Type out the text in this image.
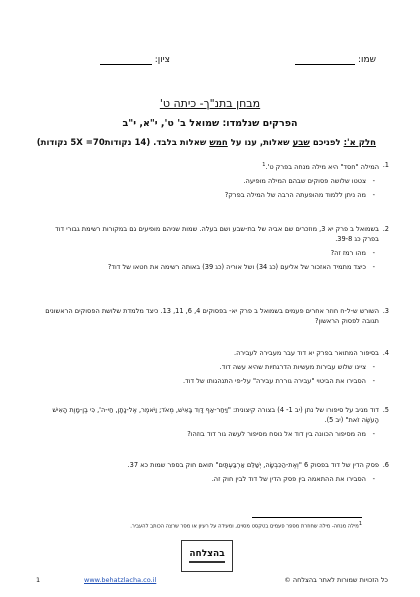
שמו:
ציון:
מבחן בתנ"ך- כיתה ט'
הפרקים שנלמדו: שמואל ב' ט', י"א, י"ב
חלק א': לפניכם שבע שאלות, ענו על חמש שאלות בלבד. (14 נקודות5X =70 נקודות)
1.

המילה "חסד" היא מילה מנחה בפרק ט'.$^1$

- צטטו שלושה פסוקים שבהם המילה מופיעה.
- מה ניתן ללמוד מהופעתה הרבה של המילה בפרק?
2.

בשמואל ב פרק יא 3, מוזכרים שם אביה של בת-שבע ושם בעלה. שמות שניהם מופיעים גם במקורות רשימת גבורי דוד בפרק כג 39-8.

- מהו רמז זה?
- כיצד מתמיד האזכור של אליעם (כג 34) ושל אוריה (כג 39) באותה רשימה את חטאו של דוד?
3.

השורש ש-ל-ח חוזר אחרים פעמים בשמואל ב פרק יא- בפסוקים 4, 6, 11, 13. כיצד מלמדת שלושת הפסוקים הראשונים תגובה לפסוק הראשון?

4.

בסיפור המתואר בפרק יא דוד עבר מעבירה לעבירה.

- ציינו שלוש עבירות מעשיות הדרגתיות שהיא עשה דוד.
- הסבירו את הביטוי "עבירה גוררת עבירה" על-פי התנהגותו של דוד.
5.

דוד מגיב על סיפורו של נתן (יב 1- 4) בצורה קיצונית: "וַיִּחַר-אַף דָּוִד בָּאִישׁ, מְאֹד; וַיֹּאמֶר, אֶל-נָתָן, חַי-ה', כִּי בֶן-מָוֶת הָאִישׁ הָעֹשֶׂה זֹאת" (יב 5).

- מה מסיפור הכוונה בין דוד אל נוסח מסיפור לעשה גור דוד בוזהו?
6.

פסק הדין של דוד בפסוק 6 "וְאֶת-הַכִּבְשָׂה, יְשַׁלֵּם אַרְבַּעְתָּיִם" תואם חוק בספר שמות כא 37.

- הסבירו את ההתאמה בין פסק הדין של דוד לבין חוק זה.
1מילה מנחה- מילה שחוזרת מספר פעמים בטקסט מסוים, ומעידה על רעיון או מסר שרצה הכותב להעביר.
בהצלחה
1	www.behatzlacha.co.il	כל הזכויות שמורות לאתר בהצלחה ©
